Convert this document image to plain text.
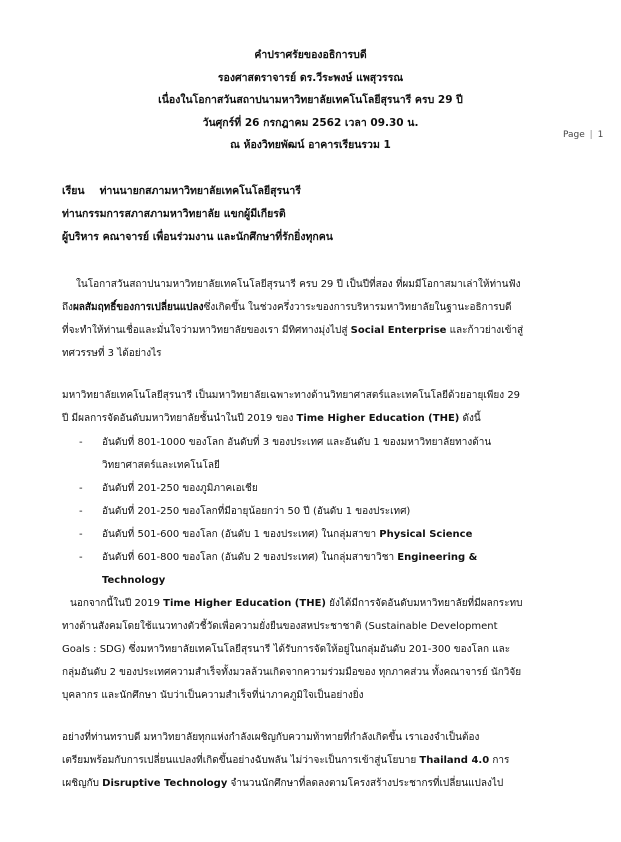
คำปราศรัยของอธิการบดี
รองศาสตราจารย์ ดร.วีระพงษ์ แพสุวรรณ
เนื่องในโอกาสวันสถาปนามหาวิทยาลัยเทคโนโลยีสุรนารี ครบ 29 ปี
วันศุกร์ที่ 26 กรกฎาคม 2562 เวลา 09.30 น.
ณ ห้องวิทยพัฒน์ อาคารเรียนรวม 1
Page | 1
เรียน ท่านนายกสภามหาวิทยาลัยเทคโนโลยีสุรนารี
ท่านกรรมการสภาสภามหาวิทยาลัย แขกผู้มีเกียรติ
ผู้บริหาร คณาจารย์ เพื่อนร่วมงาน และนักศึกษาที่รักยิ่งทุกคน
ในโอกาสวันสถาปนามหาวิทยาลัยเทคโนโลยีสุรนารี ครบ 29 ปี เป็นปีที่สอง ที่ผมมีโอกาสมาเล่าให้ท่านฟัง
ถึงผลสัมฤทธิ์ของการเปลี่ยนแปลงซึ่งเกิดขึ้น ในช่วงครึ่งวาระของการบริหารมหาวิทยาลัยในฐานะอธิการบดี
ที่จะทำให้ท่านเชื่อและมั่นใจว่ามหาวิทยาลัยของเรา มีทิศทางมุ่งไปสู่ Social Enterprise และก้าวย่างเข้าสู่
ทศวรรษที่ 3 ได้อย่างไร
มหาวิทยาลัยเทคโนโลยีสุรนารี เป็นมหาวิทยาลัยเฉพาะทางด้านวิทยาศาสตร์และเทคโนโลยีด้วยอายุเพียง 29
ปี มีผลการจัดอันดับมหาวิทยาลัยชั้นนำในปี 2019 ของ Time Higher Education (THE) ดังนี้
- อันดับที่ 801-1000 ของโลก อันดับที่ 3 ของประเทศ และอันดับ 1 ของมหาวิทยาลัยทางด้าน
วิทยาศาสตร์และเทคโนโลยี
- อันดับที่ 201-250 ของภูมิภาคเอเชีย
- อันดับที่ 201-250 ของโลกที่มีอายุน้อยกว่า 50 ปี (อันดับ 1 ของประเทศ)
- อันดับที่ 501-600 ของโลก (อันดับ 1 ของประเทศ) ในกลุ่มสาขา Physical Science
- อันดับที่ 601-800 ของโลก (อันดับ 2 ของประเทศ) ในกลุ่มสาขาวิชา Engineering &
Technology
นอกจากนี้ในปี 2019 Time Higher Education (THE) ยังได้มีการจัดอันดับมหาวิทยาลัยที่มีผลกระทบ
ทางด้านสังคมโดยใช้แนวทางตัวชี้วัดเพื่อความยั่งยืนของสหประชาชาติ (Sustainable Development
Goals : SDG) ซึ่งมหาวิทยาลัยเทคโนโลยีสุรนารี ได้รับการจัดให้อยู่ในกลุ่มอันดับ 201-300 ของโลก และ
กลุ่มอันดับ 2 ของประเทศความสำเร็จทั้งมวลล้วนเกิดจากความร่วมมือของ ทุกภาคส่วน ทั้งคณาจารย์ นักวิจัย
บุคลากร และนักศึกษา นับว่าเป็นความสำเร็จที่น่าภาคภูมิใจเป็นอย่างยิ่ง
อย่างที่ท่านทราบดี มหาวิทยาลัยทุกแห่งกำลังเผชิญกับความท้าทายที่กำลังเกิดขึ้น เราเองจำเป็นต้อง
เตรียมพร้อมกับการเปลี่ยนแปลงที่เกิดขึ้นอย่างฉับพลัน ไม่ว่าจะเป็นการเข้าสู่นโยบาย Thailand 4.0 การ
เผชิญกับ Disruptive Technology จำนวนนักศึกษาที่ลดลงตามโครงสร้างประชากรที่เปลี่ยนแปลงไป
